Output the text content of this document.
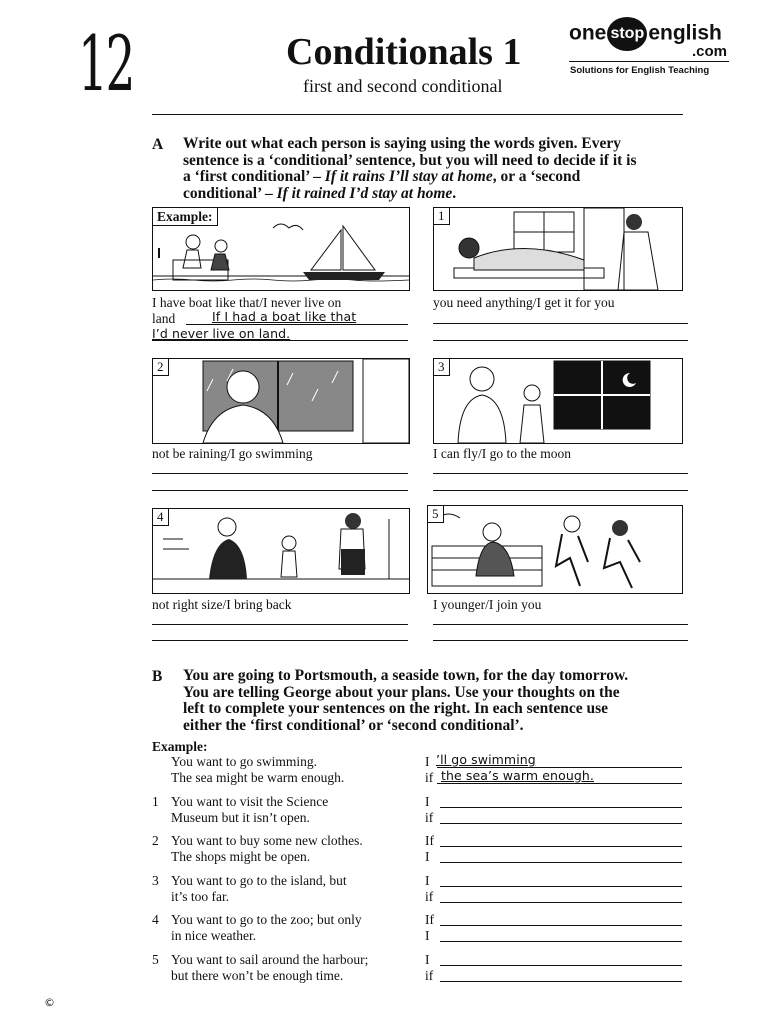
12	Conditionals 1
first and second conditional
one stop english
.com
Solutions for English Teaching
A Write out what each person is saying using the words given. Every
sentence is a ‘conditional’ sentence, but you will need to decide if it is
a ‘first conditional’ – If it rains I’ll stay at home, or a ‘second
conditional’ – If it rained I’d stay at home.
Example:
I have boat like that/I never live on
land	If I had a boat like that
I’d never live on land.
1
you need anything/I get it for you
2
not be raining/I go swimming
3
I can fly/I go to the moon
4
not right size/I bring back
5
I younger/I join you
B You are going to Portsmouth, a seaside town, for the day tomorrow.
You are telling George about your plans. Use your thoughts on the
left to complete your sentences on the right. In each sentence use
either the ‘first conditional’ or ‘second conditional’.
Example:
You want to go swimming.
The sea might be warm enough.
I
if
’ll go swimming
the sea’s warm enough.
1 You want to visit the Science
Museum but it isn’t open.
I
if
2 You want to buy some new clothes.
The shops might be open.
If
I
3 You want to go to the island, but
it’s too far.
I
if
4 You want to go to the zoo; but only
in nice weather.
If
I
5 You want to sail around the harbour;
but there won’t be enough time.
I
if
©
